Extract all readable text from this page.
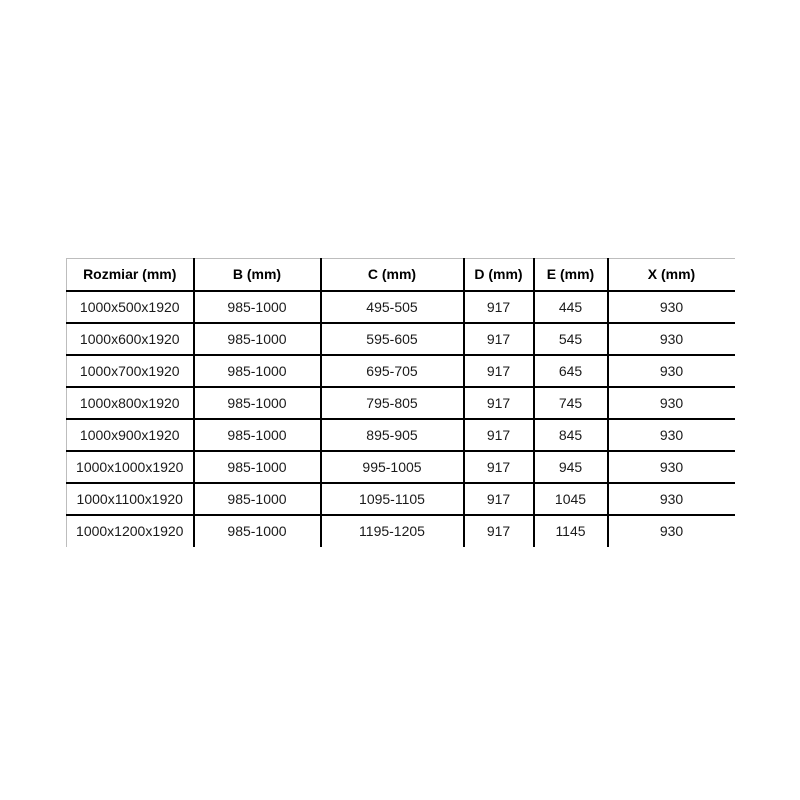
Rozmiar (mm)	B (mm)	C (mm)	D (mm)	E (mm)	X (mm)
1000x500x1920	985-1000	495-505	917	445	930
1000x600x1920	985-1000	595-605	917	545	930
1000x700x1920	985-1000	695-705	917	645	930
1000x800x1920	985-1000	795-805	917	745	930
1000x900x1920	985-1000	895-905	917	845	930
1000x1000x1920	985-1000	995-1005	917	945	930
1000x1100x1920	985-1000	1095-1105	917	1045	930
1000x1200x1920	985-1000	1195-1205	917	1145	930
